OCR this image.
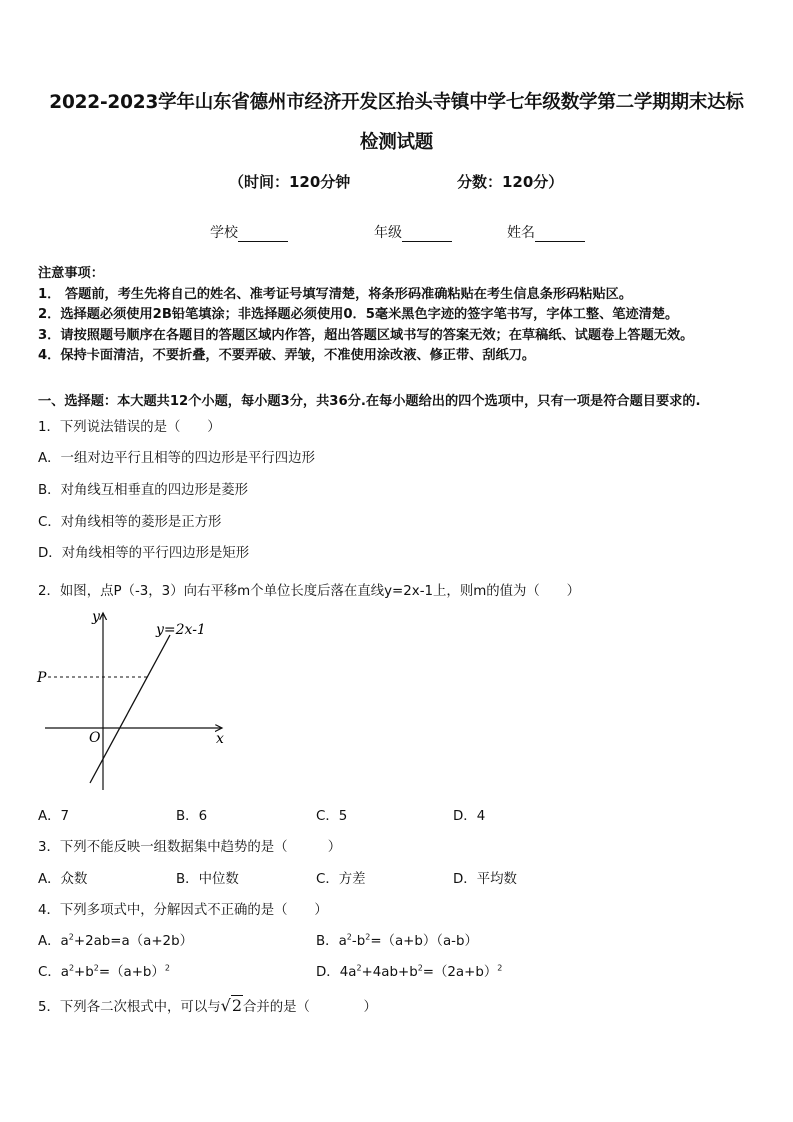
2022-2023学年山东省德州市经济开发区抬头寺镇中学七年级数学第二学期期末达标
检测试题
（时间：120分钟	分数：120分）
学校	年级	姓名
注意事项：
1． 答题前，考生先将自己的姓名、准考证号填写清楚，将条形码准确粘贴在考生信息条形码粘贴区。
2．选择题必须使用2B铅笔填涂；非选择题必须使用0．5毫米黑色字迹的签字笔书写，字体工整、笔迹清楚。
3．请按照题号顺序在各题目的答题区域内作答，超出答题区域书写的答案无效；在草稿纸、试题卷上答题无效。
4．保持卡面清洁，不要折叠，不要弄破、弄皱，不准使用涂改液、修正带、刮纸刀。
一、选择题：本大题共12个小题，每小题3分，共36分.在每小题给出的四个选项中，只有一项是符合题目要求的.
1．下列说法错误的是（　　）
A．一组对边平行且相等的四边形是平行四边形
B．对角线互相垂直的四边形是菱形
C．对角线相等的菱形是正方形
D．对角线相等的平行四边形是矩形
2．如图，点P（-3，3）向右平移m个单位长度后落在直线y=2x-1上，则m的值为（　　）
y
x
O
P
y=2x-1
A．7	B．6	C．5	D．4
3．下列不能反映一组数据集中趋势的是（　　　）
A．众数	B．中位数	C．方差	D．平均数
4．下列多项式中，分解因式不正确的是（　　）
A．$a^2+2ab=a(a+2b)$	B．$a^2-b^2=(a+b)(a-b)$
C．$a^2+b^2=(a+b)^2$	D．$4a^2+4ab+b^2=(2a+b)^2$
5．下列各二次根式中，可以与√2合并的是（　　　　）
